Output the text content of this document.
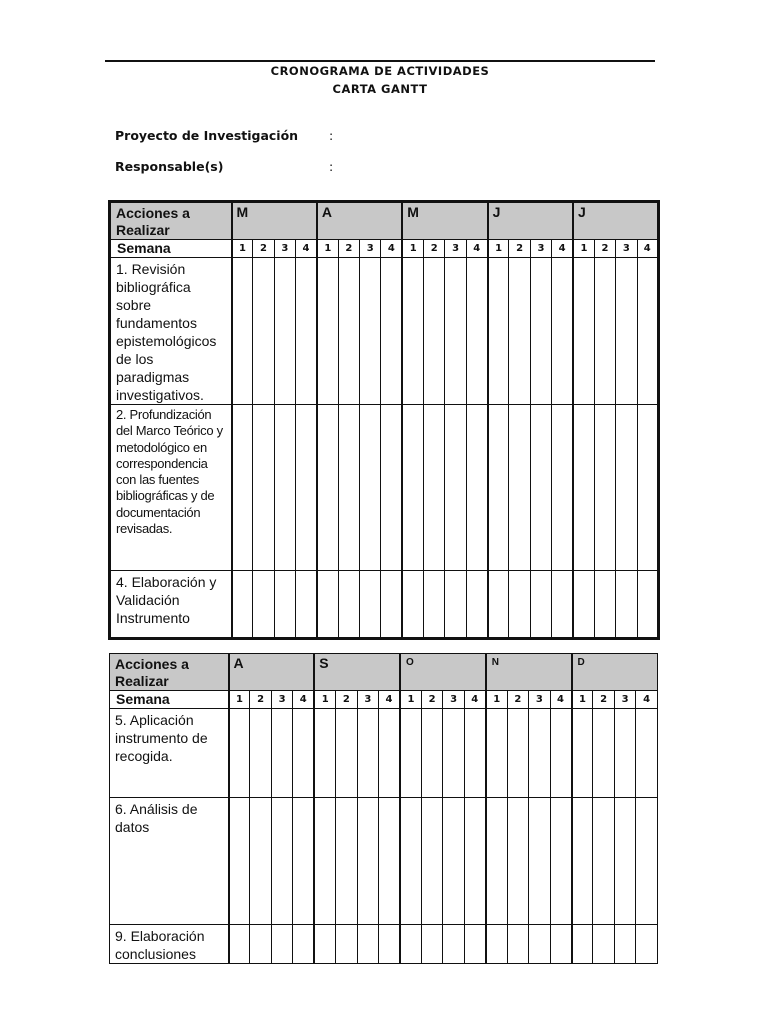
CRONOGRAMA DE ACTIVIDADES
CARTA GANTT
Proyecto de Investigación :
Responsable(s)	:
Acciones a Realizar	M				A				M				J				J			
Semana	1	2	3	4	1	2	3	4	1	2	3	4	1	2	3	4	1	2	3	4
1. Revisión bibliográfica sobre fundamentos epistemológicos de los paradigmas investigativos.																				
2. Profundización del Marco Teórico y metodológico en correspondencia con las fuentes bibliográficas y de documentación revisadas.																				
4. Elaboración y Validación Instrumento																				
Acciones a Realizar	A				S				O				N				D			
Semana	1	2	3	4	1	2	3	4	1	2	3	4	1	2	3	4	1	2	3	4
5. Aplicación instrumento de recogida.																				
6. Análisis de datos																				
9. Elaboración conclusiones																				
